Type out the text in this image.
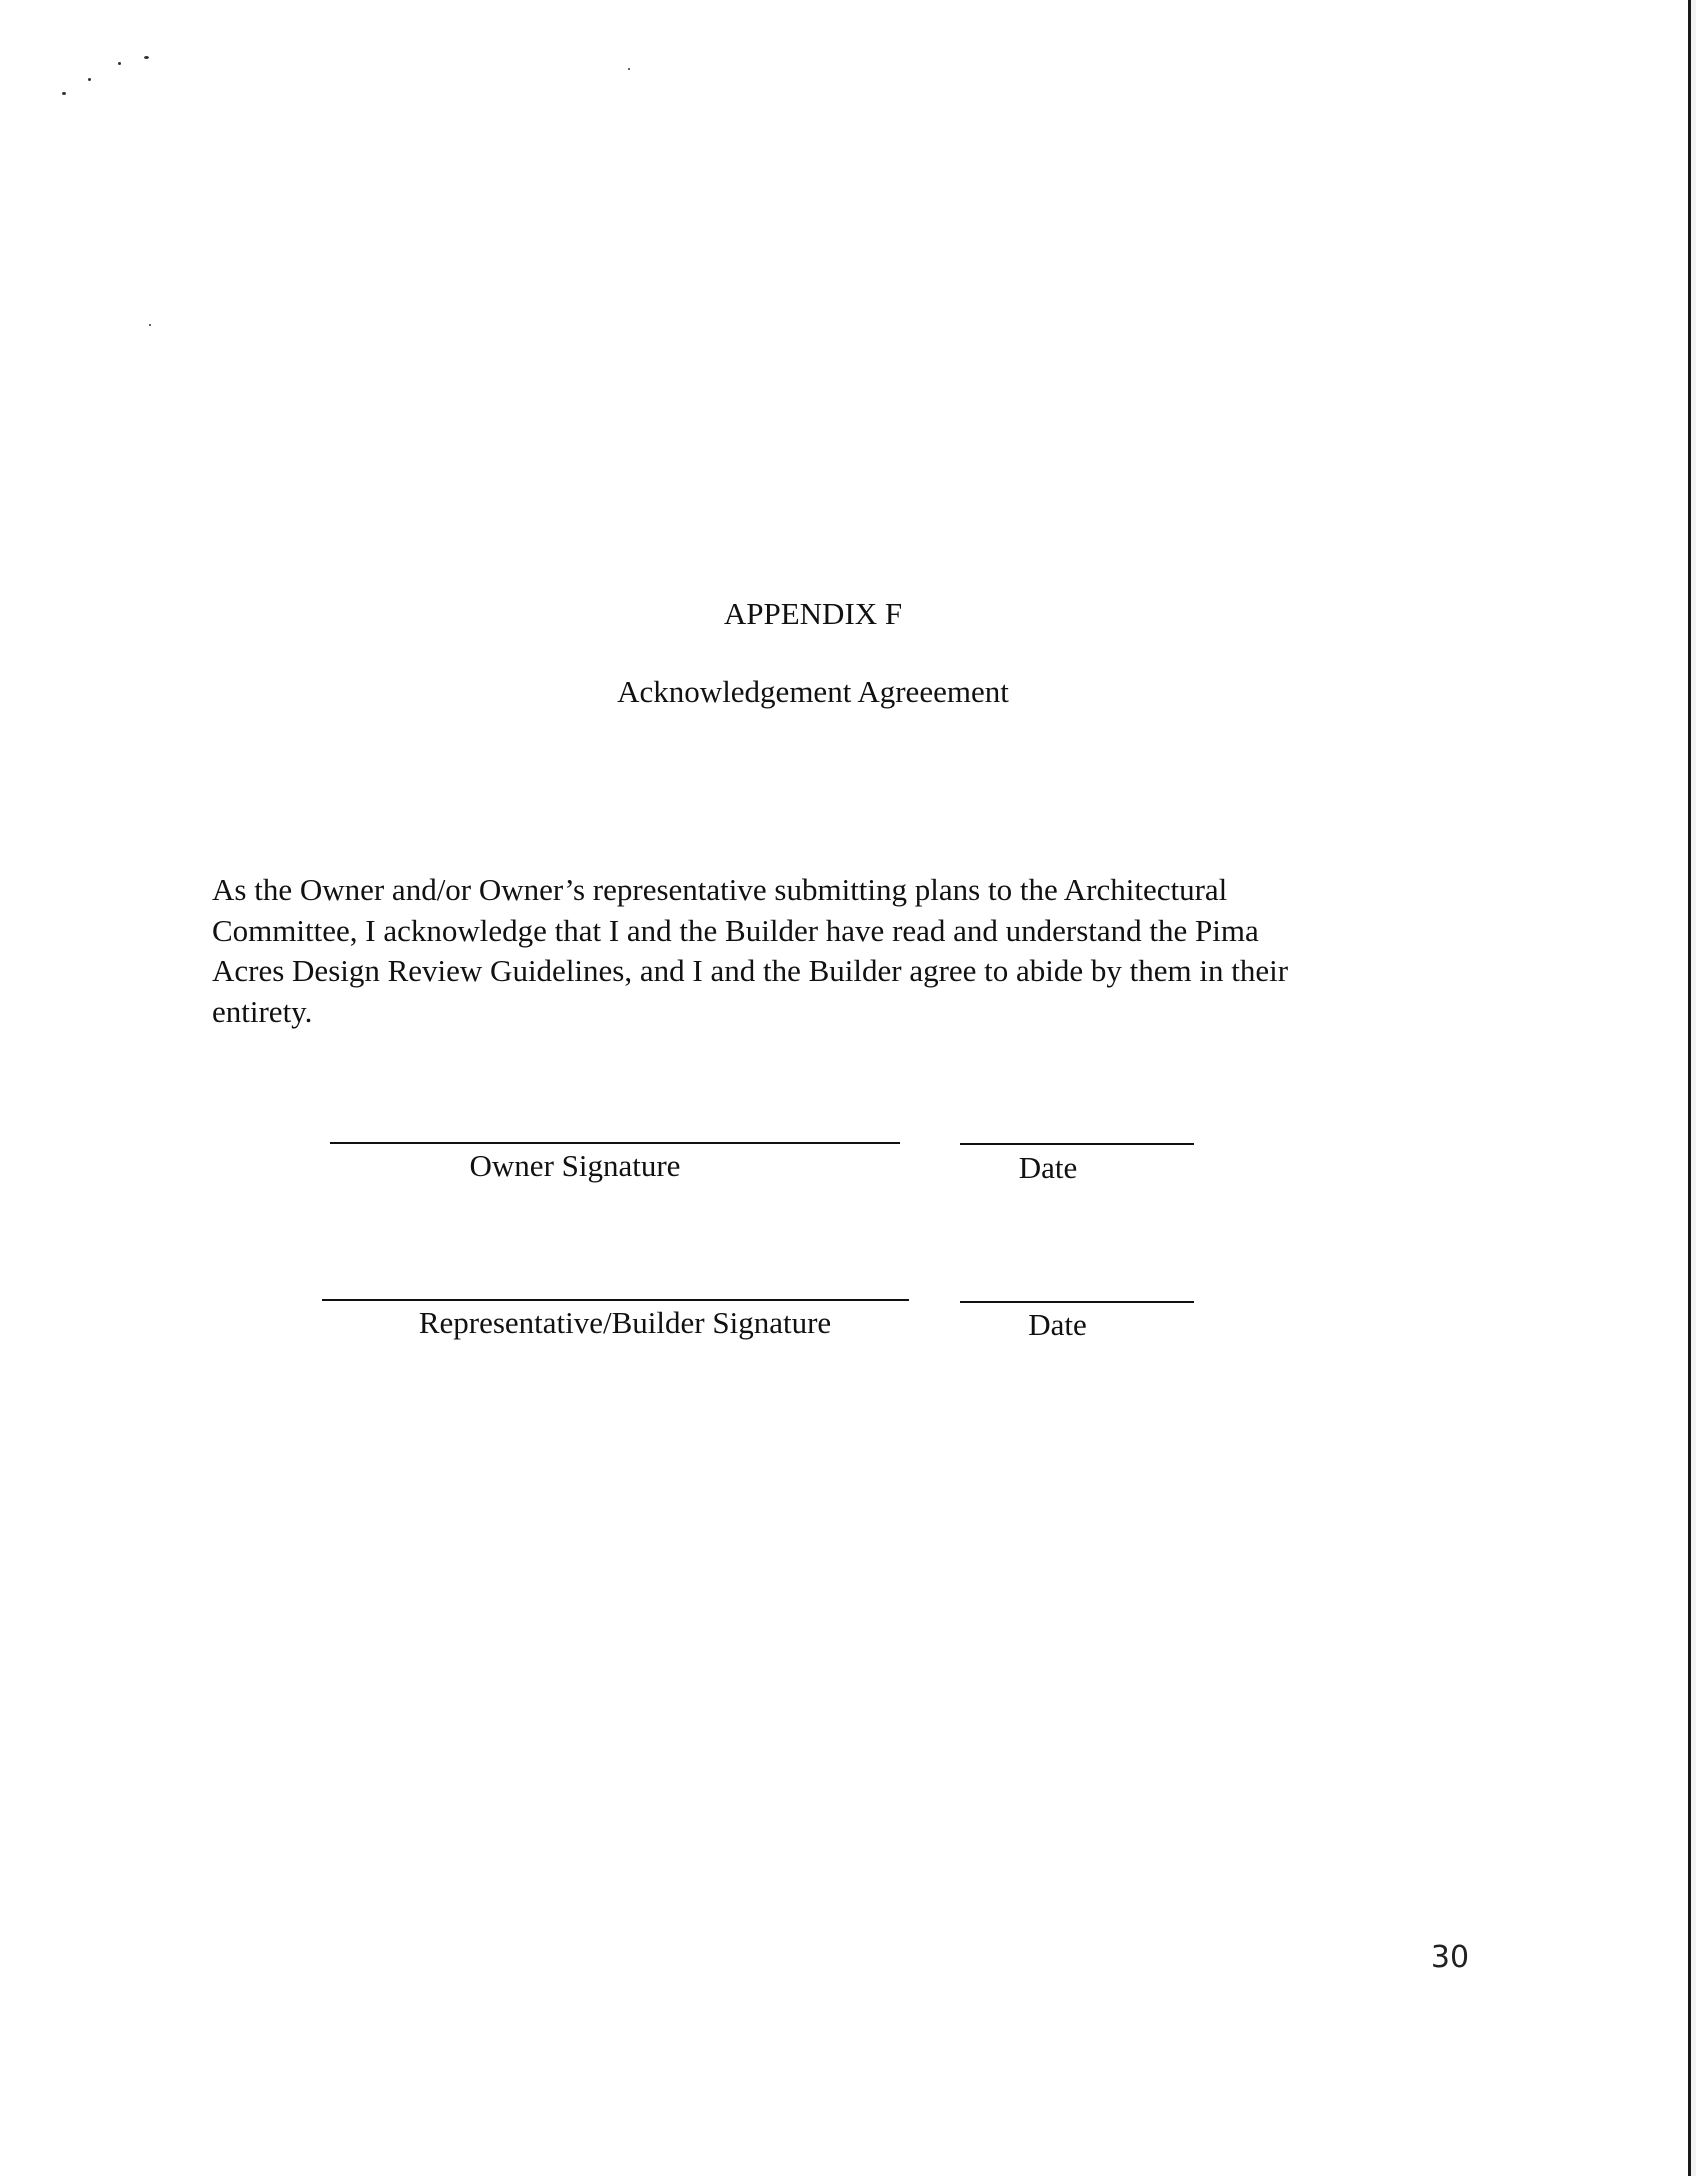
APPENDIX F
Acknowledgement Agreeement

As the Owner and/or Owner’s representative submitting plans to the Architectural
Committee, I acknowledge that I and the Builder have read and understand the Pima
Acres Design Review Guidelines, and I and the Builder agree to abide by them in their
entirety.

Owner Signature	Date
Representative/Builder Signature	Date
30
